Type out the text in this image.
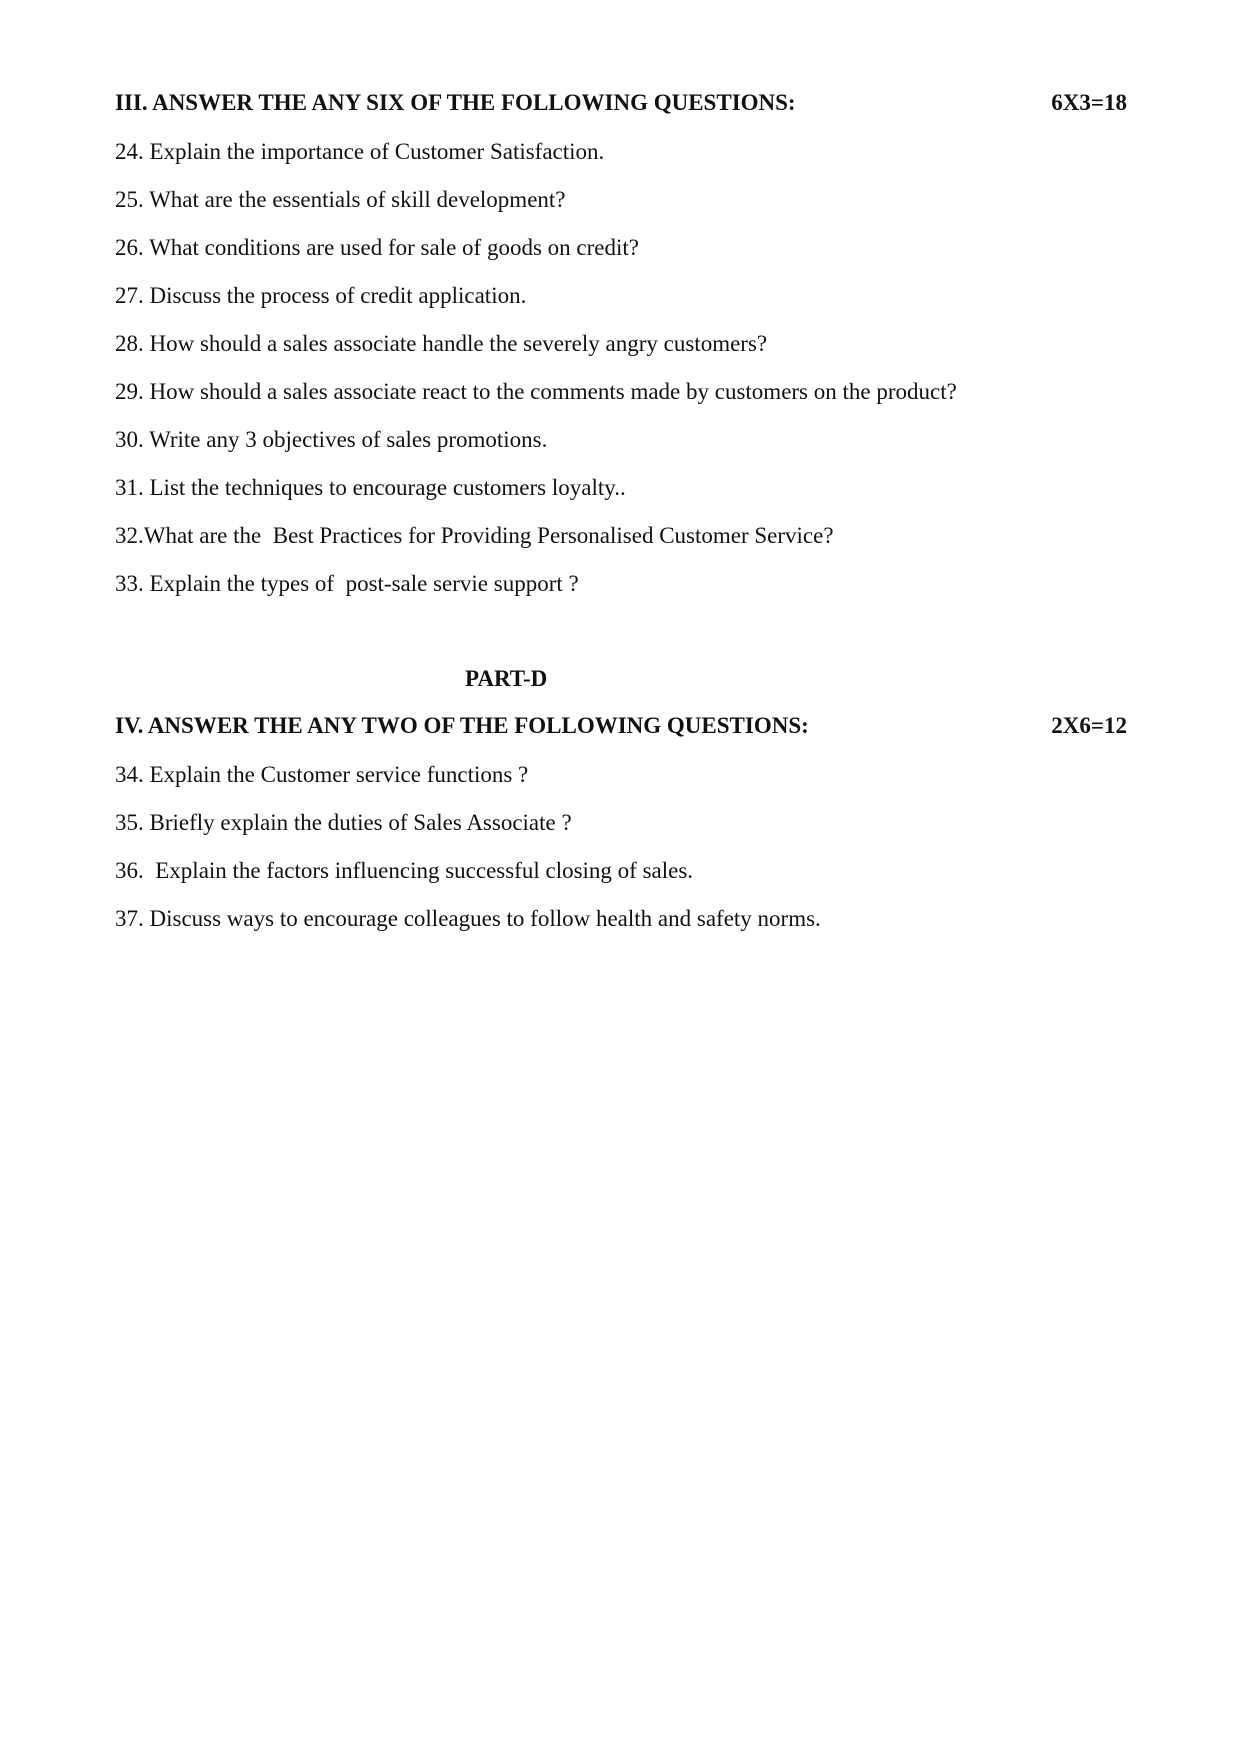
III. ANSWER THE ANY SIX OF THE FOLLOWING QUESTIONS:	6X3=18
24. Explain the importance of Customer Satisfaction.
25. What are the essentials of skill development?
26. What conditions are used for sale of goods on credit?
27. Discuss the process of credit application.
28. How should a sales associate handle the severely angry customers?
29. How should a sales associate react to the comments made by customers on the product?
30. Write any 3 objectives of sales promotions.
31. List the techniques to encourage customers loyalty..
32.What are the  Best Practices for Providing Personalised Customer Service?
33. Explain the types of  post-sale servie support ?
PART-D
IV. ANSWER THE ANY TWO OF THE FOLLOWING QUESTIONS:	2X6=12
34. Explain the Customer service functions ?
35. Briefly explain the duties of Sales Associate ?
36.  Explain the factors influencing successful closing of sales.
37. Discuss ways to encourage colleagues to follow health and safety norms.
